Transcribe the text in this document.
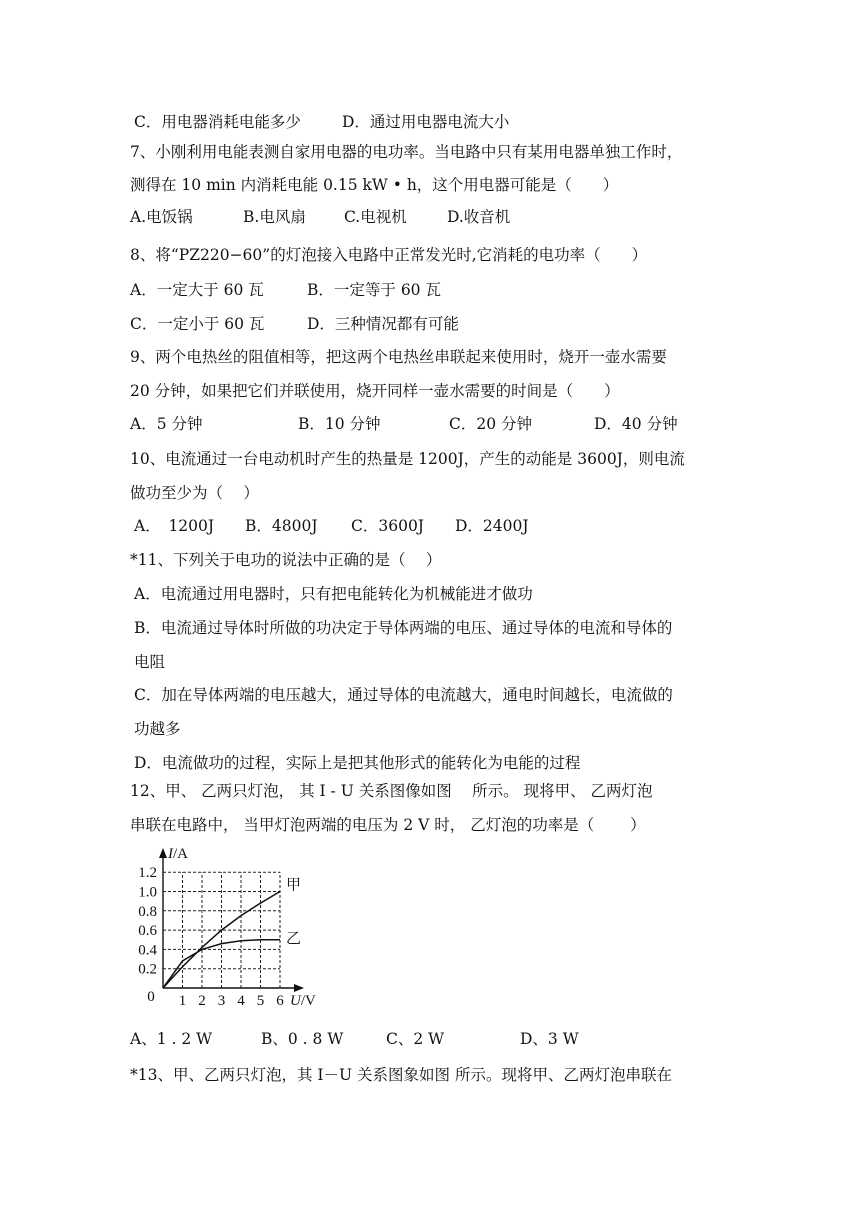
C．用电器消耗电能多少	D．通过用电器电流大小
7、小刚利用电能表测自家用电器的电功率。当电路中只有某用电器单独工作时，
测得在 10 min 内消耗电能 0.15 kW • h，这个用电器可能是（　　）
A.电饭锅	B.电风扇 C.电视机	D.收音机
8、将“PZ220−60”的灯泡接入电路中正常发光时,它消耗的电功率（　　）
A．一定大于 60 瓦	B．一定等于 60 瓦
C．一定小于 60 瓦	D．三种情况都有可能
9、两个电热丝的阻值相等，把这两个电热丝串联起来使用时，烧开一壶水需要
20 分钟，如果把它们并联使用，烧开同样一壶水需要的时间是（　　）
A．5 分钟	B．10 分钟	C．20 分钟	D．40 分钟
10、电流通过一台电动机时产生的热量是 1200J，产生的动能是 3600J，则电流
做功至少为（　 ）
A．　1200J B．4800J C．3600J D．2400J
*11、下列关于电功的说法中正确的是（　 ）
A．电流通过用电器时，只有把电能转化为机械能进才做功
B．电流通过导体时所做的功决定于导体两端的电压、通过导体的电流和导体的
电阻
C．加在导体两端的电压越大，通过导体的电流越大，通电时间越长，电流做的
功越多
D．电流做功的过程，实际上是把其他形式的能转化为电能的过程
12、甲、 乙两只灯泡， 其 I - U 关系图像如图　 所示。 现将甲、 乙两灯泡
串联在电路中， 当甲灯泡两端的电压为 2 V 时， 乙灯泡的功率是（　　 ）
0.2
0.4
0.6
0.8
1.0
1.2
1 2 3 4 5 6
0
I/A
U/V
甲
乙
A、1 . 2 W	B、0 . 8 W	C、2 W	D、3 W
*13、甲、乙两只灯泡，其 I－U 关系图象如图 所示。现将甲、乙两灯泡串联在
